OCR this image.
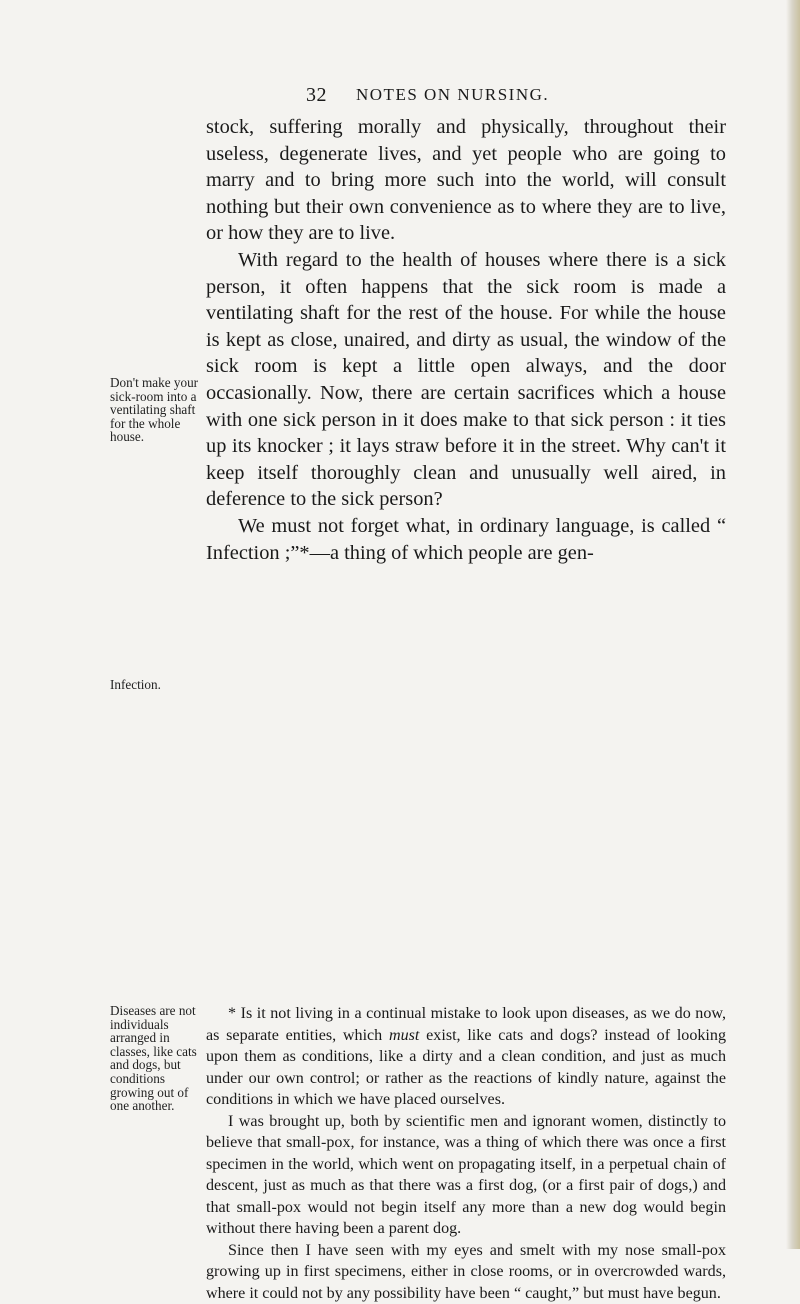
32 NOTES ON NURSING.
Don't make your sick-room into a ventilating shaft for the whole house.
Infection.
Diseases are not individuals arranged in classes, like cats and dogs, but conditions growing out of one another.

stock, suffering morally and physically, throughout their useless, degenerate lives, and yet people who are going to marry and to bring more such into the world, will consult nothing but their own convenience as to where they are to live, or how they are to live.

With regard to the health of houses where there is a sick person, it often happens that the sick room is made a ventilating shaft for the rest of the house. For while the house is kept as close, unaired, and dirty as usual, the window of the sick room is kept a little open always, and the door occasionally. Now, there are certain sacrifices which a house with one sick person in it does make to that sick person : it ties up its knocker ; it lays straw before it in the street. Why can't it keep itself thoroughly clean and unusually well aired, in deference to the sick person?

We must not forget what, in ordinary language, is called “ Infection ;”*—a thing of which people are gen-

* Is it not living in a continual mistake to look upon diseases, as we do now, as separate entities, which must exist, like cats and dogs? instead of looking upon them as conditions, like a dirty and a clean condition, and just as much under our own control; or rather as the reactions of kindly nature, against the conditions in which we have placed ourselves.

I was brought up, both by scientific men and ignorant women, distinctly to believe that small-pox, for instance, was a thing of which there was once a first specimen in the world, which went on propagating itself, in a perpetual chain of descent, just as much as that there was a first dog, (or a first pair of dogs,) and that small-pox would not begin itself any more than a new dog would begin without there having been a parent dog.

Since then I have seen with my eyes and smelt with my nose small-pox growing up in first specimens, either in close rooms, or in overcrowded wards, where it could not by any possibility have been “ caught,” but must have begun.
